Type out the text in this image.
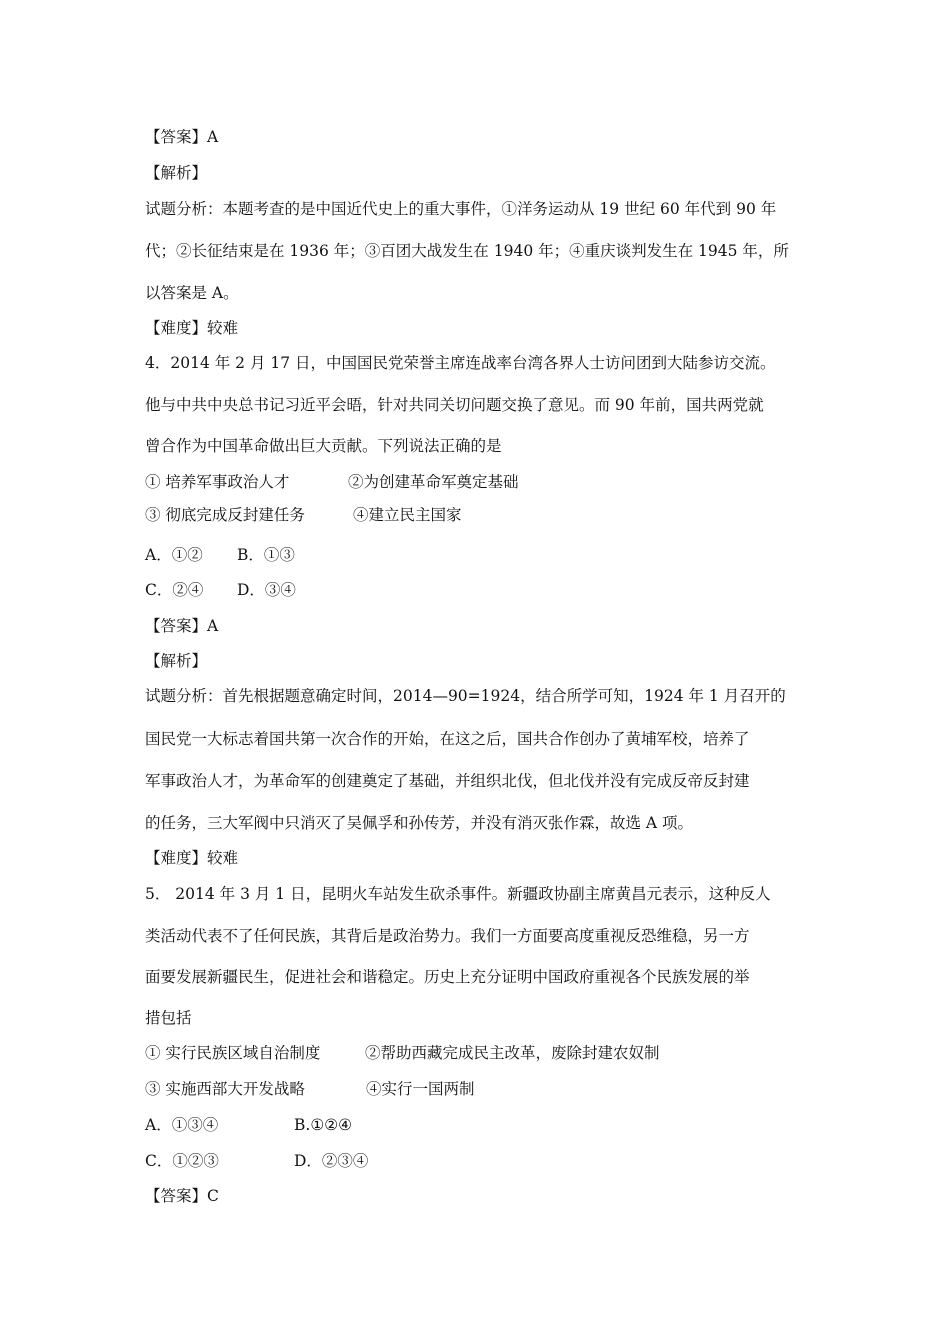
【答案】A
【解析】
试题分析：本题考查的是中国近代史上的重大事件，①洋务运动从 19 世纪 60 年代到 90 年
代；②长征结束是在 1936 年；③百团大战发生在 1940 年；④重庆谈判发生在 1945 年，所
以答案是 A。
【难度】较难
4．2014 年 2 月 17 日，中国国民党荣誉主席连战率台湾各界人士访问团到大陆参访交流。
他与中共中央总书记习近平会晤，针对共同关切问题交换了意见。而 90 年前，国共两党就
曾合作为中国革命做出巨大贡献。下列说法正确的是
① 培养军事政治人才	②为创建革命军奠定基础
③ 彻底完成反封建任务	④建立民主国家
A．①② B．①③
C．②④ D．③④
【答案】A
【解析】
试题分析：首先根据题意确定时间，2014—90=1924，结合所学可知，1924 年 1 月召开的
国民党一大标志着国共第一次合作的开始，在这之后，国共合作创办了黄埔军校，培养了
军事政治人才，为革命军的创建奠定了基础，并组织北伐，但北伐并没有完成反帝反封建
的任务，三大军阀中只消灭了吴佩孚和孙传芳，并没有消灭张作霖，故选 A 项。
【难度】较难
5． 2014 年 3 月 1 日，昆明火车站发生砍杀事件。新疆政协副主席黄昌元表示，这种反人
类活动代表不了任何民族，其背后是政治势力。我们一方面要高度重视反恐维稳，另一方
面要发展新疆民生，促进社会和谐稳定。历史上充分证明中国政府重视各个民族发展的举
措包括
① 实行民族区域自治制度	②帮助西藏完成民主改革，废除封建农奴制
③ 实施西部大开发战略	④实行一国两制
A．①③④	B.①②④
C．①②③	D．②③④
【答案】C
